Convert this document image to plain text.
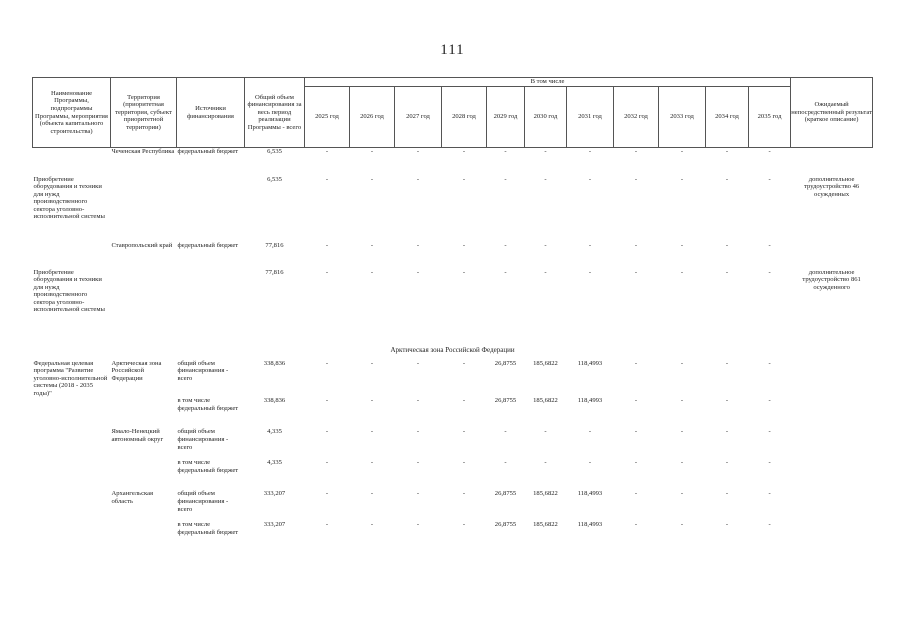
111
Наименование Программы, подпрограммы Программы, мероприятия (объекта капитального строительства)	Территория (приоритетная территория, субъект приоритетной территории)	Источники финансирования	Общий объем финансирования за весь период реализации Программы - всего	В том числе											Ожидаемый непосредственный результат (краткое описание)
				2025 год	2026 год	2027 год	2028 год	2029 год	2030 год	2031 год	2032 год	2033 год	2034 год	2035 год	
	Чеченская Республика	федеральный бюджет	6,535	-	-	-	-	-	-	-	-	-	-	-	
Приобретение оборудования и техники для нужд производственного сектора уголовно-исполнительной системы			6,535	-	-	-	-	-	-	-	-	-	-	-	дополнительное трудоустройство 46 осужденных
	Ставропольский край	федеральный бюджет	77,816	-	-	-	-	-	-	-	-	-	-	-	
Приобретение оборудования и техники для нужд производственного сектора уголовно-исполнительной системы			77,816	-	-	-	-	-	-	-	-	-	-	-	дополнительное трудоустройство 861 осужденного
Арктическая зона Российской Федерации															
Федеральная целевая программа "Развитие уголовно-исполнительной системы (2018 - 2035 годы)"	Арктическая зона Российской Федерации	общий объем финансирования - всего	338,836	-	-	-	-	26,8755	185,6822	118,4993	-	-	-	-	
		в том числе федеральный бюджет	338,836	-	-	-	-	26,8755	185,6822	118,4993	-	-	-	-	
	Ямало-Ненецкий автономный округ	общий объем финансирования - всего	4,335	-	-	-	-	-	-	-	-	-	-	-	
		в том числе федеральный бюджет	4,335	-	-	-	-	-	-	-	-	-	-	-	
	Архангельская область	общий объем финансирования - всего	333,207	-	-	-	-	26,8755	185,6822	118,4993	-	-	-	-	
		в том числе федеральный бюджет	333,207	-	-	-	-	26,8755	185,6822	118,4993	-	-	-	-	
